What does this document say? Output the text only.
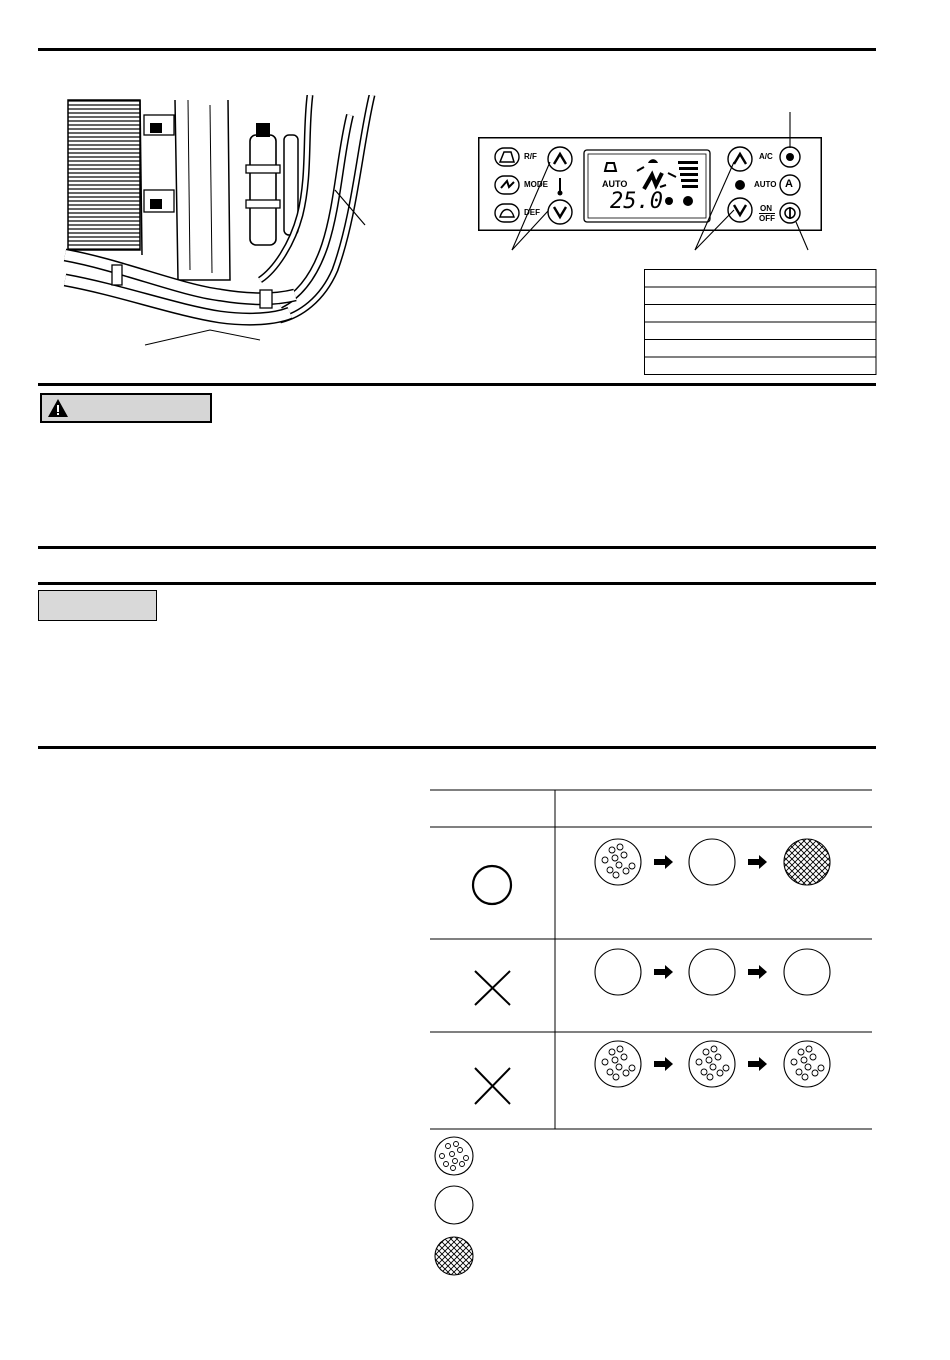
R/F
MODE
DEF
A/C
AUTO
ON
$\overline{OFF}$
A
AUTO
25.0
